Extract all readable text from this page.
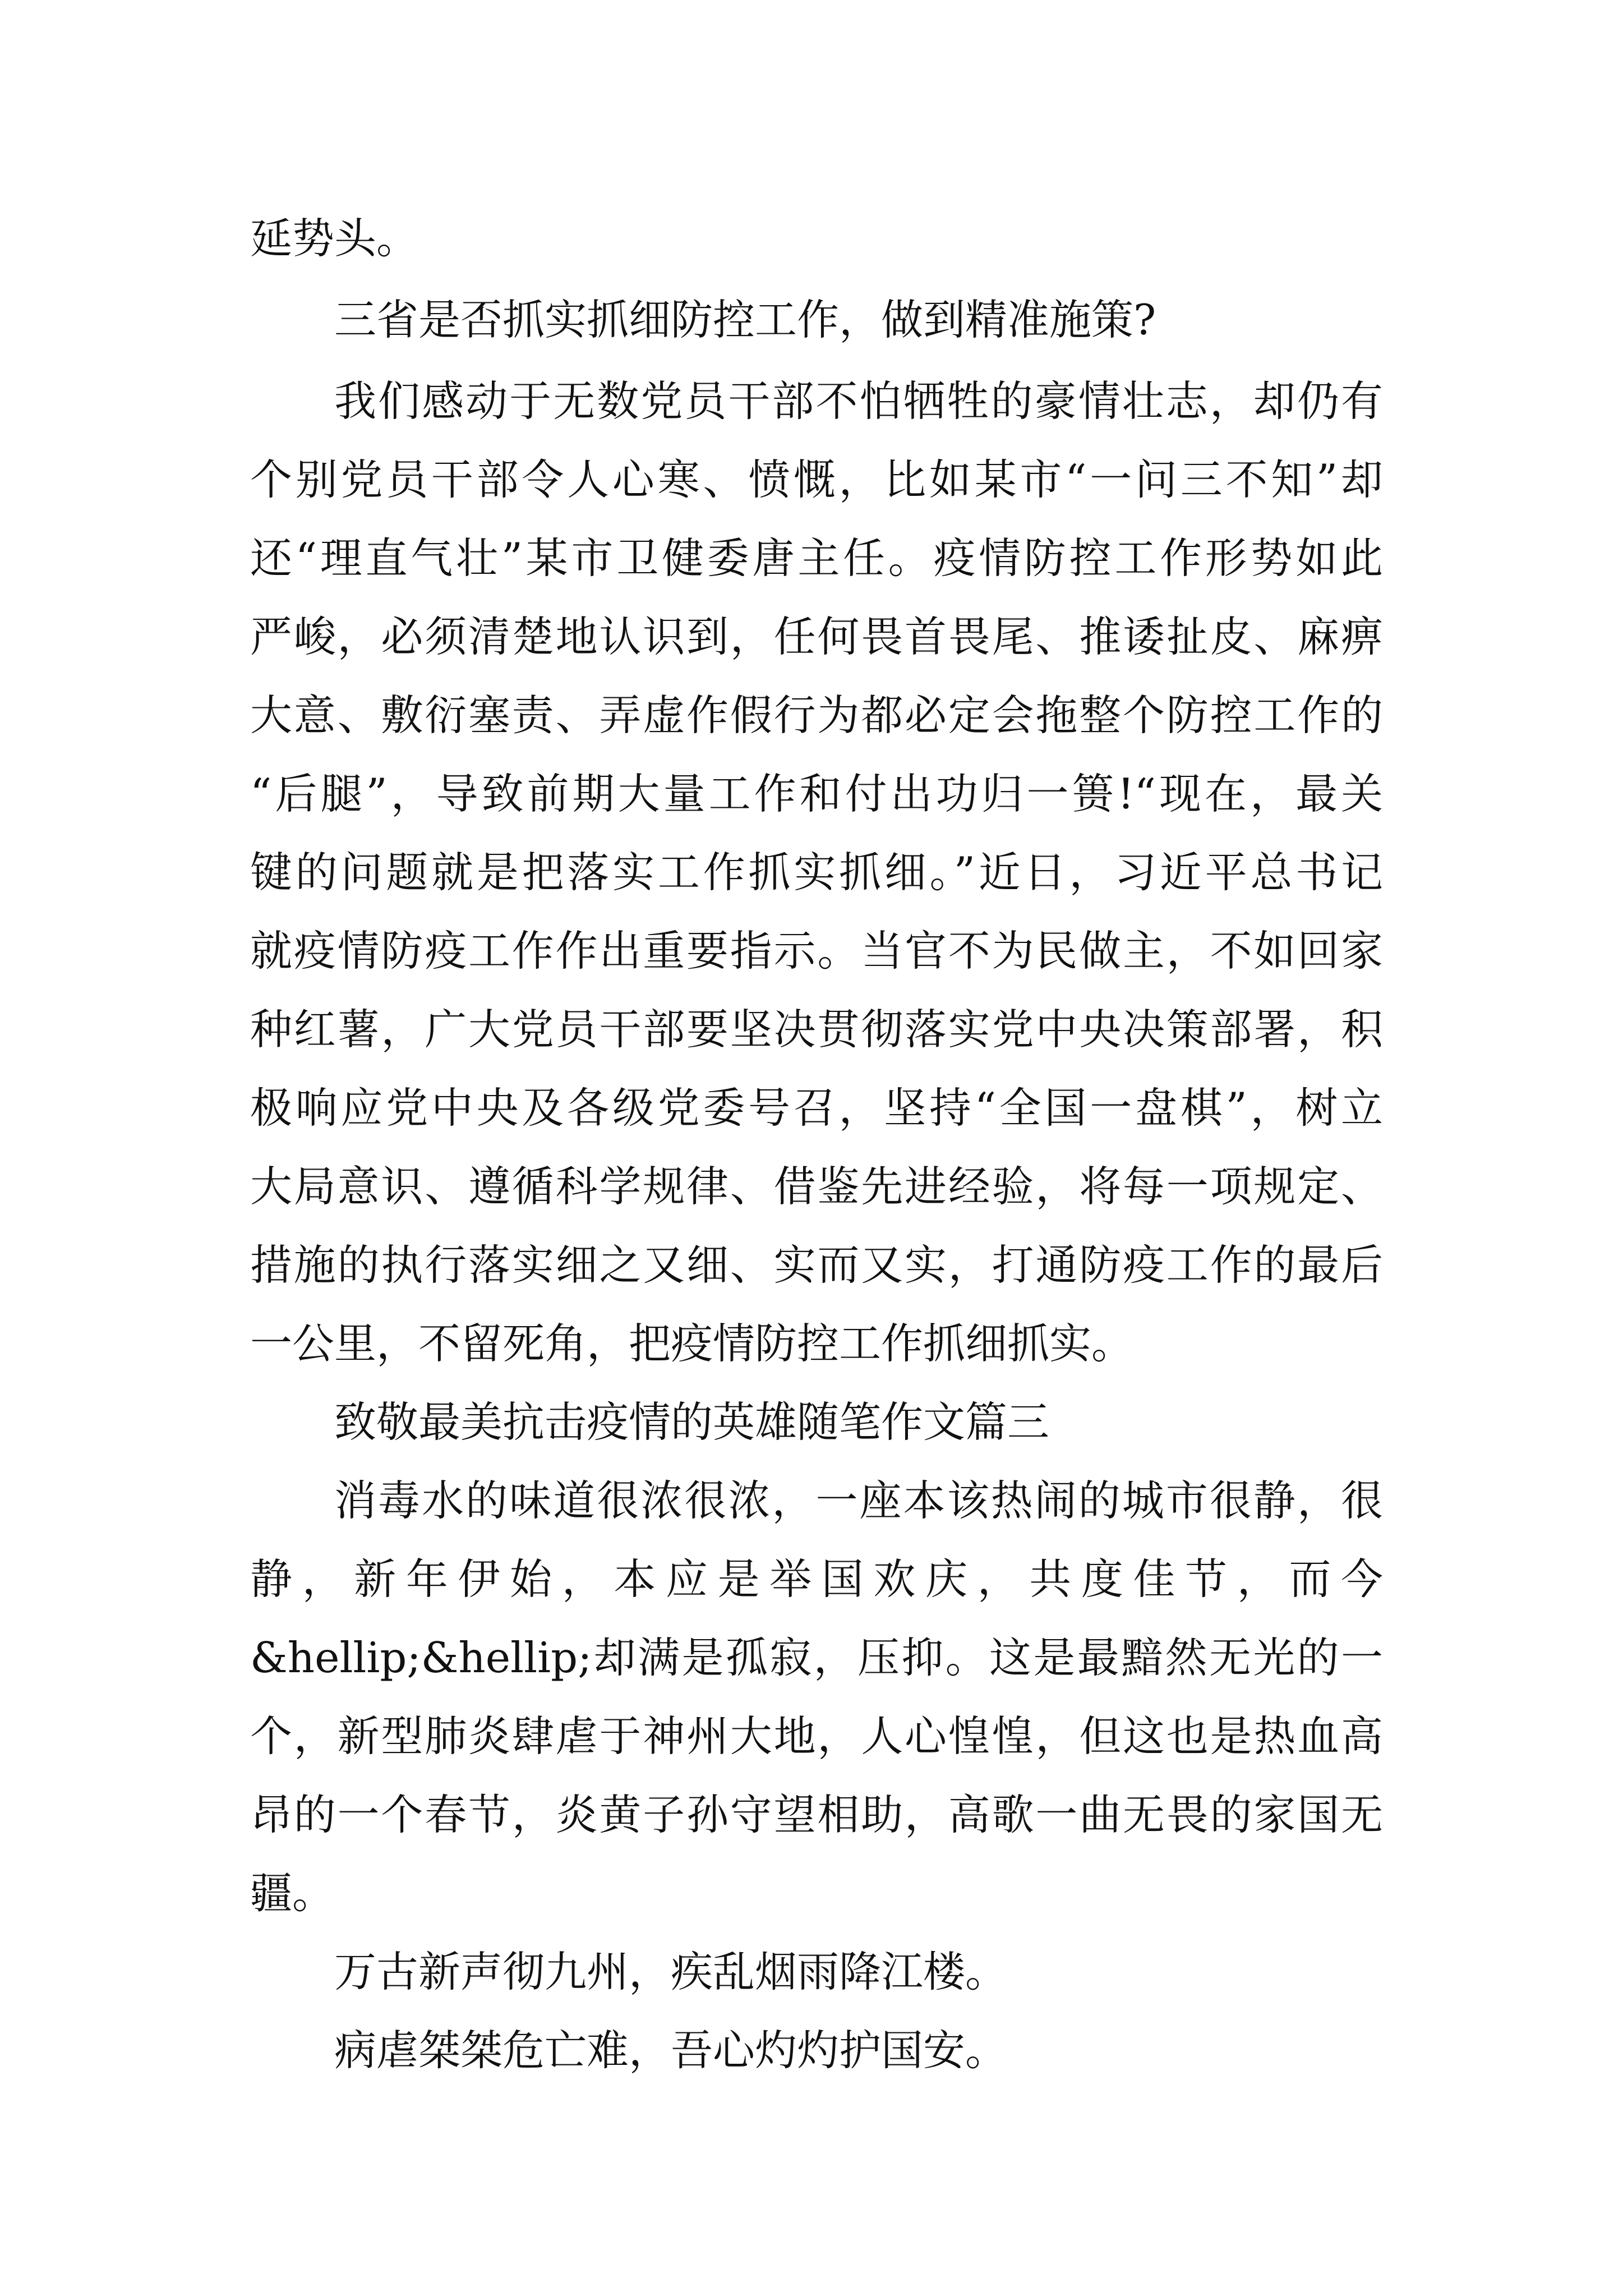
延势头。

三省是否抓实抓细防控工作，做到精准施策?

我们感动于无数党员干部不怕牺牲的豪情壮志，却仍有

个别党员干部令人心寒、愤慨，比如某市“一问三不知”却

还“理直气壮”某市卫健委唐主任。疫情防控工作形势如此

严峻，必须清楚地认识到，任何畏首畏尾、推诿扯皮、麻痹

大意、敷衍塞责、弄虚作假行为都必定会拖整个防控工作的

“后腿”，导致前期大量工作和付出功归一篑!“现在，最关

键的问题就是把落实工作抓实抓细。”近日，习近平总书记

就疫情防疫工作作出重要指示。当官不为民做主，不如回家

种红薯，广大党员干部要坚决贯彻落实党中央决策部署，积

极响应党中央及各级党委号召，坚持“全国一盘棋”，树立

大局意识、遵循科学规律、借鉴先进经验，将每一项规定、

措施的执行落实细之又细、实而又实，打通防疫工作的最后

一公里，不留死角，把疫情防控工作抓细抓实。

致敬最美抗击疫情的英雄随笔作文篇三

消毒水的味道很浓很浓，一座本该热闹的城市很静，很

静，新年伊始，本应是举国欢庆，共度佳节，而今

&hellip;&hellip;却满是孤寂，压抑。这是最黯然无光的一

个，新型肺炎肆虐于神州大地，人心惶惶，但这也是热血高

昂的一个春节，炎黄子孙守望相助，高歌一曲无畏的家国无

疆。

万古新声彻九州，疾乱烟雨降江楼。

病虐桀桀危亡难，吾心灼灼护国安。
